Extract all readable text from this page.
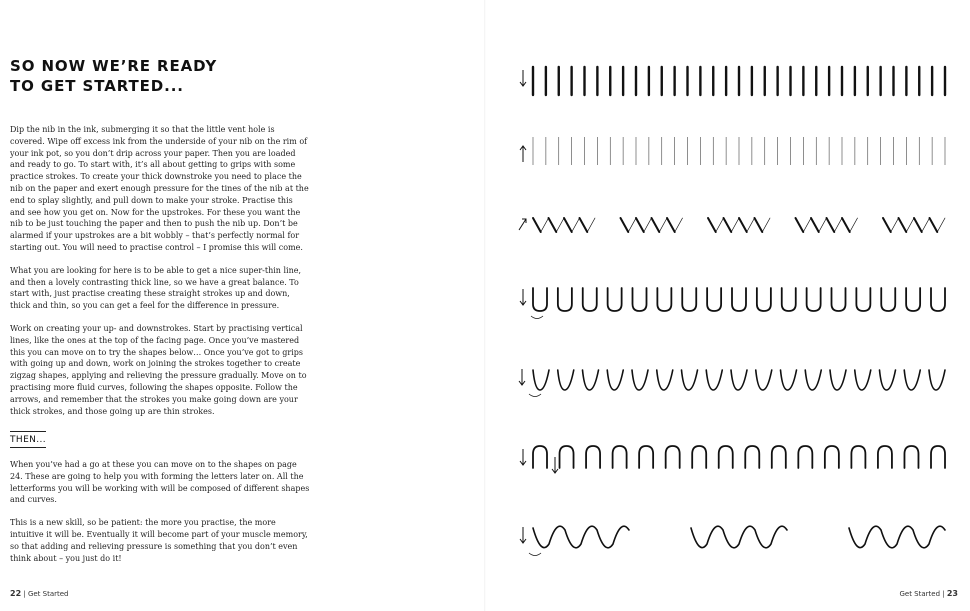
SO NOW WE’RE READY
TO GET STARTED...

Dip the nib in the ink, submerging it so that the little vent hole is covered. Wipe off excess ink from the underside of your nib on the rim of your ink pot, so you don’t drip across your paper. Then you are loaded and ready to go. To start with, it’s all about getting to grips with some practice strokes. To create your thick downstroke you need to place the nib on the paper and exert enough pressure for the tines of the nib at the end to splay slightly, and pull down to make your stroke. Practise this and see how you get on. Now for the upstrokes. For these you want the nib to be just touching the paper and then to push the nib up. Don’t be alarmed if your upstrokes are a bit wobbly – that’s perfectly normal for starting out. You will need to practise control – I promise this will come.

What you are looking for here is to be able to get a nice super-thin line, and then a lovely contrasting thick line, so we have a great balance. To start with, just practise creating these straight strokes up and down, thick and thin, so you can get a feel for the difference in pressure.

Work on creating your up- and downstrokes. Start by practising vertical lines, like the ones at the top of the facing page. Once you’ve mastered this you can move on to try the shapes below… Once you’ve got to grips with going up and down, work on joining the strokes together to create zigzag shapes, applying and relieving the pressure gradually. Move on to practising more fluid curves, following the shapes opposite. Follow the arrows, and remember that the strokes you make going down are your thick strokes, and those going up are thin strokes.

THEN...

When you’ve had a go at these you can move on to the shapes on page 24. These are going to help you with forming the letters later on. All the letterforms you will be working with will be composed of different shapes and curves.

This is a new skill, so be patient: the more you practise, the more intuitive it will be. Eventually it will become part of your muscle memory, so that adding and relieving pressure is something that you don’t even think about – you just do it!

22 | Get Started	Get Started | 23
